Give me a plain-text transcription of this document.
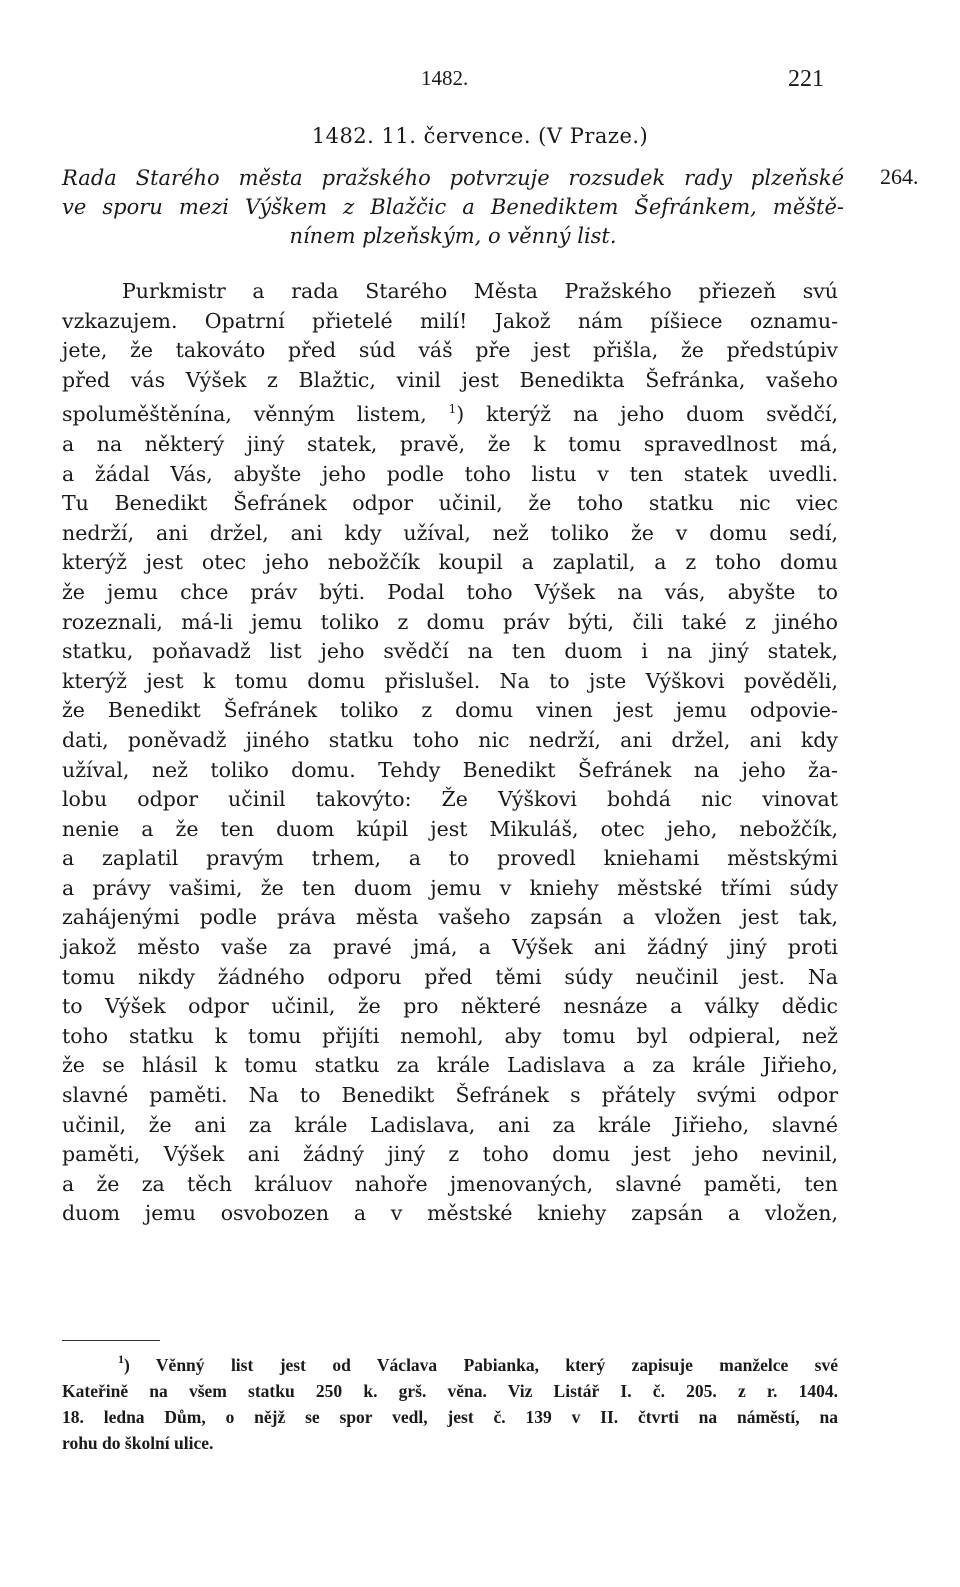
1482.	221
1482. 11. července. (V Praze.)
264.
Rada Starého města pražského potvrzuje rozsudek rady plzeňské
ve sporu mezi Výškem z Blažčic a Benediktem Šefránkem, měště-
nínem plzeňským, o věnný list.
Purkmistr a rada Starého Města Pražského přiezeň svú
vzkazujem. Opatrní přietelé milí! Jakož nám píšiece oznamu-
jete, že takováto před súd váš pře jest přišla, že předstúpiv
před vás Výšek z Blažtic, vinil jest Benedikta Šefránka, vašeho
spoluměštěnína, věnným listem, $^1$) kterýž na jeho duom svědčí,
a na některý jiný statek, pravě, že k tomu spravedlnost má,
a žádal Vás, abyšte jeho podle toho listu v ten statek uvedli.
Tu Benedikt Šefránek odpor učinil, že toho statku nic viec
nedrží, ani držel, ani kdy užíval, než toliko že v domu sedí,
kterýž jest otec jeho nebožčík koupil a zaplatil, a z toho domu
že jemu chce práv býti. Podal toho Výšek na vás, abyšte to
rozeznali, má-li jemu toliko z domu práv býti, čili také z jiného
statku, poňavadž list jeho svědčí na ten duom i na jiný statek,
kterýž jest k tomu domu přislušel. Na to jste Výškovi pověděli,
že Benedikt Šefránek toliko z domu vinen jest jemu odpovie-
dati, poněvadž jiného statku toho nic nedrží, ani držel, ani kdy
užíval, než toliko domu. Tehdy Benedikt Šefránek na jeho ža-
lobu odpor učinil takovýto: Že Výškovi bohdá nic vinovat
nenie a že ten duom kúpil jest Mikuláš, otec jeho, nebožčík,
a zaplatil pravým trhem, a to provedl kniehami městskými
a právy vašimi, že ten duom jemu v kniehy městské třími súdy
zahájenými podle práva města vašeho zapsán a vložen jest tak,
jakož město vaše za pravé jmá, a Výšek ani žádný jiný proti
tomu nikdy žádného odporu před těmi súdy neučinil jest. Na
to Výšek odpor učinil, že pro některé nesnáze a války dědic
toho statku k tomu přijíti nemohl, aby tomu byl odpieral, než
že se hlásil k tomu statku za krále Ladislava a za krále Jiřieho,
slavné paměti. Na to Benedikt Šefránek s přátely svými odpor
učinil, že ani za krále Ladislava, ani za krále Jiřieho, slavné
paměti, Výšek ani žádný jiný z toho domu jest jeho nevinil,
a že za těch králuov nahoře jmenovaných, slavné paměti, ten
duom jemu osvobozen a v městské kniehy zapsán a vložen,
$^1$) Věnný list jest od Václava Pabianka, který zapisuje manželce své
Kateřině na všem statku 250 k. grš. věna. Viz Listář I. č. 205. z r. 1404.
18. ledna Dům, o nějž se spor vedl, jest č. 139 v II. čtvrti na náměstí, na
rohu do školní ulice.
